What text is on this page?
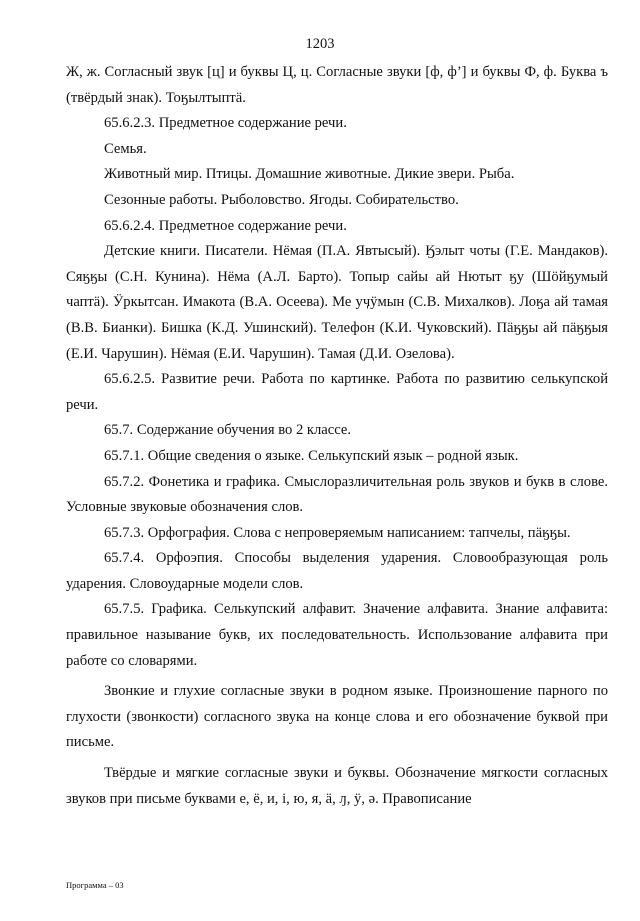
1203

Ж, ж. Согласный звук [ц] и буквы Ц, ц. Согласные звуки [ф, ф’] и буквы Ф, ф. Буква ъ (твёрдый знак). Тоӄылтыптӓ.

65.6.2.3. Предметное содержание речи.

Семья.

Животный мир. Птицы. Домашние животные. Дикие звери. Рыба.

Сезонные работы. Рыболовство. Ягоды. Собирательство.

65.6.2.4. Предметное содержание речи.

Детские книги. Писатели. Нёмая (П.А. Явтысый). Ӄэлыт чоты (Г.Е. Мандаков). Сяӄӄы (С.Н. Кунина). Нёма (А.Л. Барто). Топыр сайы ай Нютыт ӄу (Шӧйӄумый чаптӓ). Ӱркытсан. Имакота (В.А. Осеева). Ме уӌӱмын (С.В. Михалков). Лоӄа ай тамая (В.В. Бианки). Бишка (К.Д. Ушинский). Телефон (К.И. Чуковский). Пӓӄӄы ай пӓӄӄыя (Е.И. Чарушин). Нёмая (Е.И. Чарушин). Тамая (Д.И. Озелова).

65.6.2.5. Развитие речи. Работа по картинке. Работа по развитию селькупской речи.

65.7. Содержание обучения во 2 классе.

65.7.1. Общие сведения о языке. Селькупский язык – родной язык.

65.7.2. Фонетика и графика. Смыслоразличительная роль звуков и букв в слове. Условные звуковые обозначения слов.

65.7.3. Орфография. Слова с непроверяемым написанием: тапчелы, пӓӄӄы.

65.7.4. Орфоэпия. Способы выделения ударения. Словообразующая роль ударения. Словоударные модели слов.

65.7.5. Графика. Селькупский алфавит. Значение алфавита. Знание алфавита: правильное называние букв, их последовательность. Использование алфавита при работе со словарями.

Звонкие и глухие согласные звуки в родном языке. Произношение парного по глухости (звонкости) согласного звука на конце слова и его обозначение буквой при письме.

Твёрдые и мягкие согласные звуки и буквы. Обозначение мягкости согласных звуков при письме буквами е, ё, и, і, ю, я, ӓ, ԓ, ӱ, ә. Правописание

Программа – 03
